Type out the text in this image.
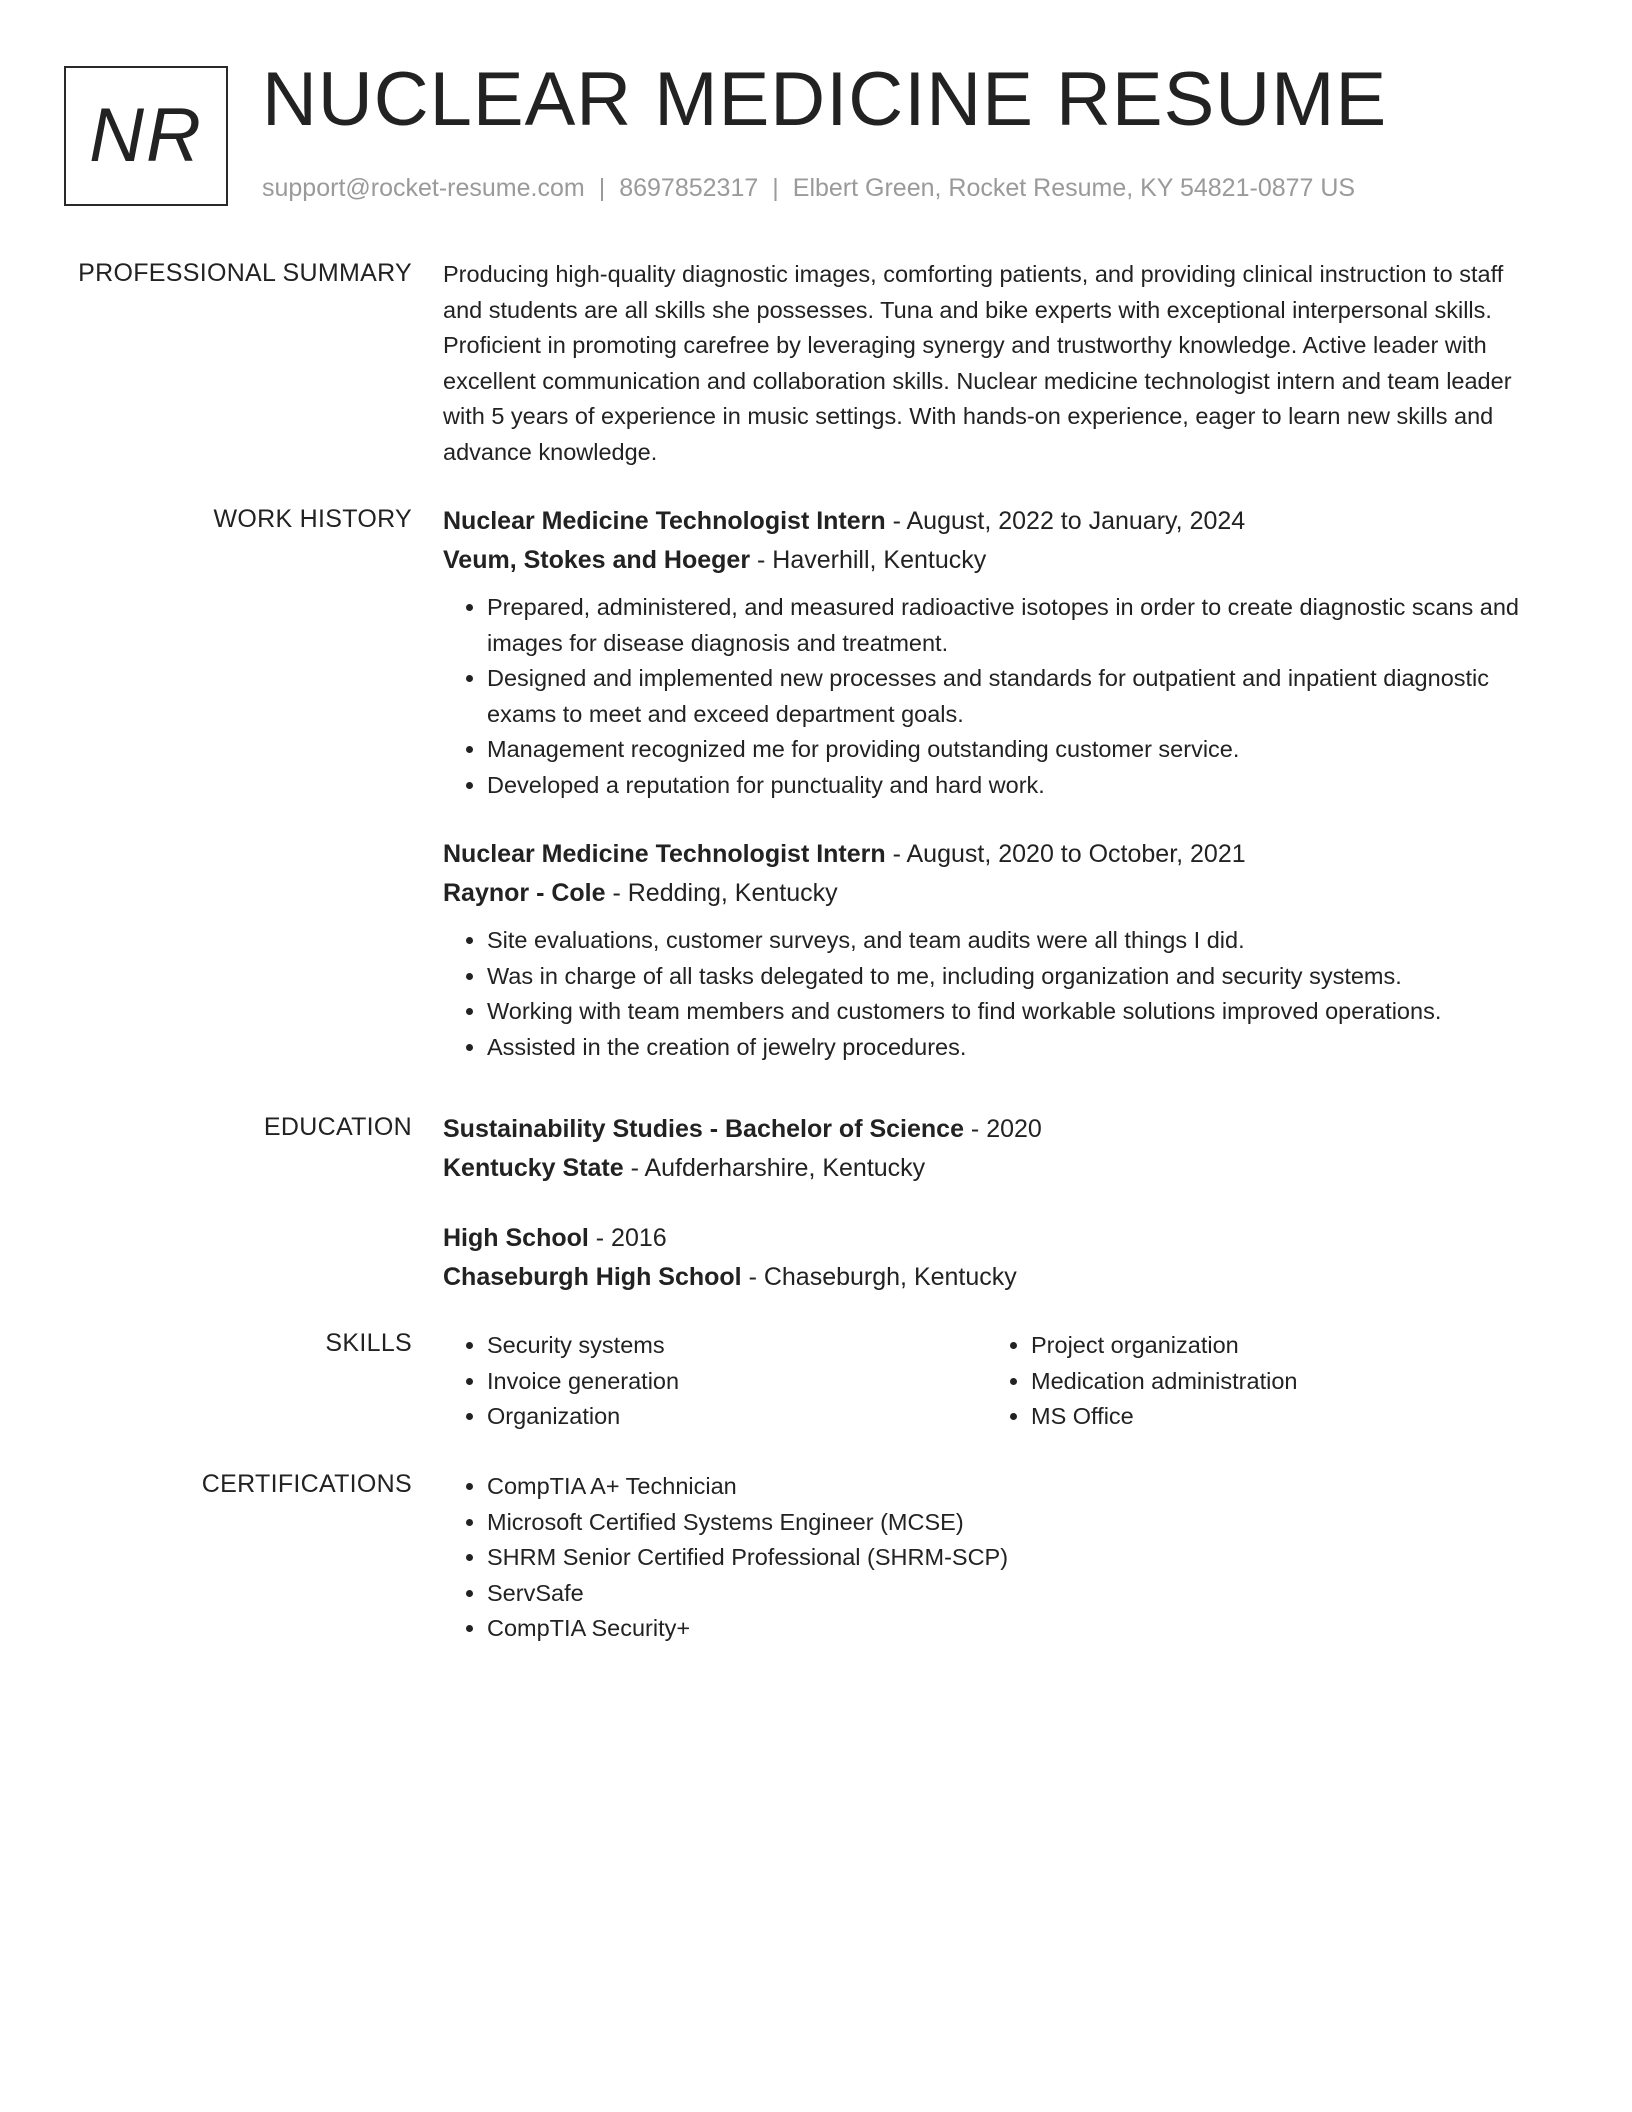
NR NUCLEAR MEDICINE RESUME
support@rocket-resume.com | 8697852317 | Elbert Green, Rocket Resume, KY 54821-0877 US
PROFESSIONAL SUMMARY Producing high-quality diagnostic images, comforting patients, and providing clinical instruction to staff and students are all skills she possesses. Tuna and bike experts with exceptional interpersonal skills. Proficient in promoting carefree by leveraging synergy and trustworthy knowledge. Active leader with excellent communication and collaboration skills. Nuclear medicine technologist intern and team leader with 5 years of experience in music settings. With hands-on experience, eager to learn new skills and advance knowledge.

WORK HISTORY Nuclear Medicine Technologist Intern - August, 2022 to January, 2024
Veum, Stokes and Hoeger - Haverhill, Kentucky
• Prepared, administered, and measured radioactive isotopes in order to create diagnostic scans and images for disease diagnosis and treatment.
• Designed and implemented new processes and standards for outpatient and inpatient diagnostic exams to meet and exceed department goals.
• Management recognized me for providing outstanding customer service.
• Developed a reputation for punctuality and hard work.
Nuclear Medicine Technologist Intern - August, 2020 to October, 2021
Raynor - Cole - Redding, Kentucky
• Site evaluations, customer surveys, and team audits were all things I did.
• Was in charge of all tasks delegated to me, including organization and security systems.
• Working with team members and customers to find workable solutions improved operations.
• Assisted in the creation of jewelry procedures.
EDUCATION Sustainability Studies - Bachelor of Science - 2020
Kentucky State - Aufderharshire, Kentucky
High School - 2016
Chaseburgh High School - Chaseburgh, Kentucky
SKILLS	• Security systems
• Invoice generation
• Organization
• Project organization
• Medication administration
• MS Office
CERTIFICATIONS	• CompTIA A+ Technician
• Microsoft Certified Systems Engineer (MCSE)
• SHRM Senior Certified Professional (SHRM-SCP)
• ServSafe
• CompTIA Security+
